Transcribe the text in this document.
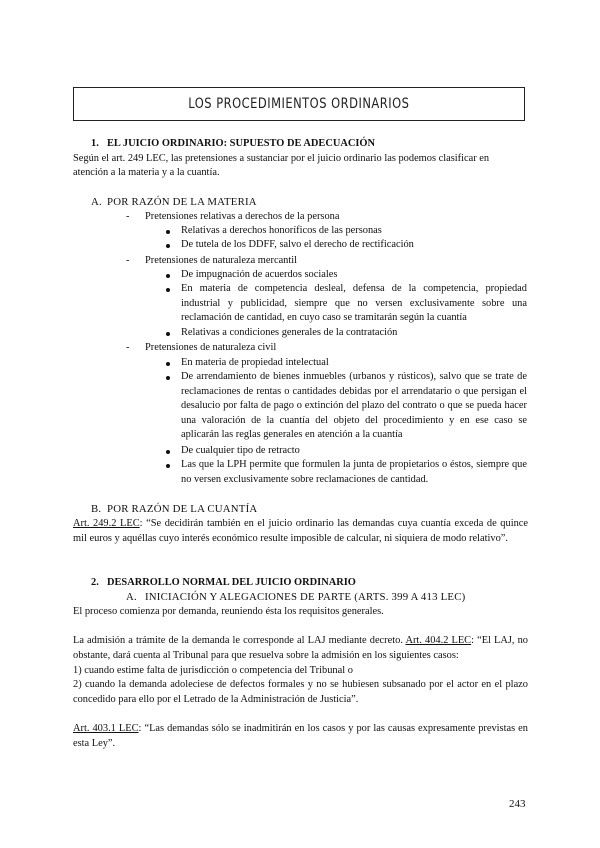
LOS PROCEDIMIENTOS ORDINARIOS
1. EL JUICIO ORDINARIO: SUPUESTO DE ADECUACIÓN
Según el art. 249 LEC, las pretensiones a sustanciar por el juicio ordinario las podemos clasificar en
atención a la materia y a la cuantía.
A. POR RAZÓN DE LA MATERIA
- Pretensiones relativas a derechos de la persona
Relativas a derechos honoríficos de las personas
De tutela de los DDFF, salvo el derecho de rectificación
- Pretensiones de naturaleza mercantil
De impugnación de acuerdos sociales
En materia de competencia desleal, defensa de la competencia, propiedad industrial y publicidad, siempre que no versen exclusivamente sobre una reclamación de cantidad, en cuyo caso se tramitarán según la cuantía
Relativas a condiciones generales de la contratación
- Pretensiones de naturaleza civil
En materia de propiedad intelectual
De arrendamiento de bienes inmuebles (urbanos y rústicos), salvo que se trate de reclamaciones de rentas o cantidades debidas por el arrendatario o que persigan el desalucio por falta de pago o extinción del plazo del contrato o que se pueda hacer una valoración de la cuantía del objeto del procedimiento y en ese caso se aplicarán las reglas generales en atención a la cuantía
De cualquier tipo de retracto
Las que la LPH permite que formulen la junta de propietarios o éstos, siempre que no versen exclusivamente sobre reclamaciones de cantidad.
B. POR RAZÓN DE LA CUANTÍA
Art. 249.2 LEC: “Se decidirán también en el juicio ordinario las demandas cuya cuantía exceda de quince mil euros y aquéllas cuyo interés económico resulte imposible de calcular, ni siquiera de modo relativo”.
2. DESARROLLO NORMAL DEL JUICIO ORDINARIO
A. INICIACIÓN Y ALEGACIONES DE PARTE (ARTS. 399 A 413 LEC)
El proceso comienza por demanda, reuniendo ésta los requisitos generales.
La admisión a trámite de la demanda le corresponde al LAJ mediante decreto. Art. 404.2 LEC: “El LAJ, no obstante, dará cuenta al Tribunal para que resuelva sobre la admisión en los siguientes casos:
1) cuando estime falta de jurisdicción o competencia del Tribunal o
2) cuando la demanda adoleciese de defectos formales y no se hubiesen subsanado por el actor en el plazo concedido para ello por el Letrado de la Administración de Justicia”.
Art. 403.1 LEC: “Las demandas sólo se inadmitirán en los casos y por las causas expresamente previstas en esta Ley”.
243
